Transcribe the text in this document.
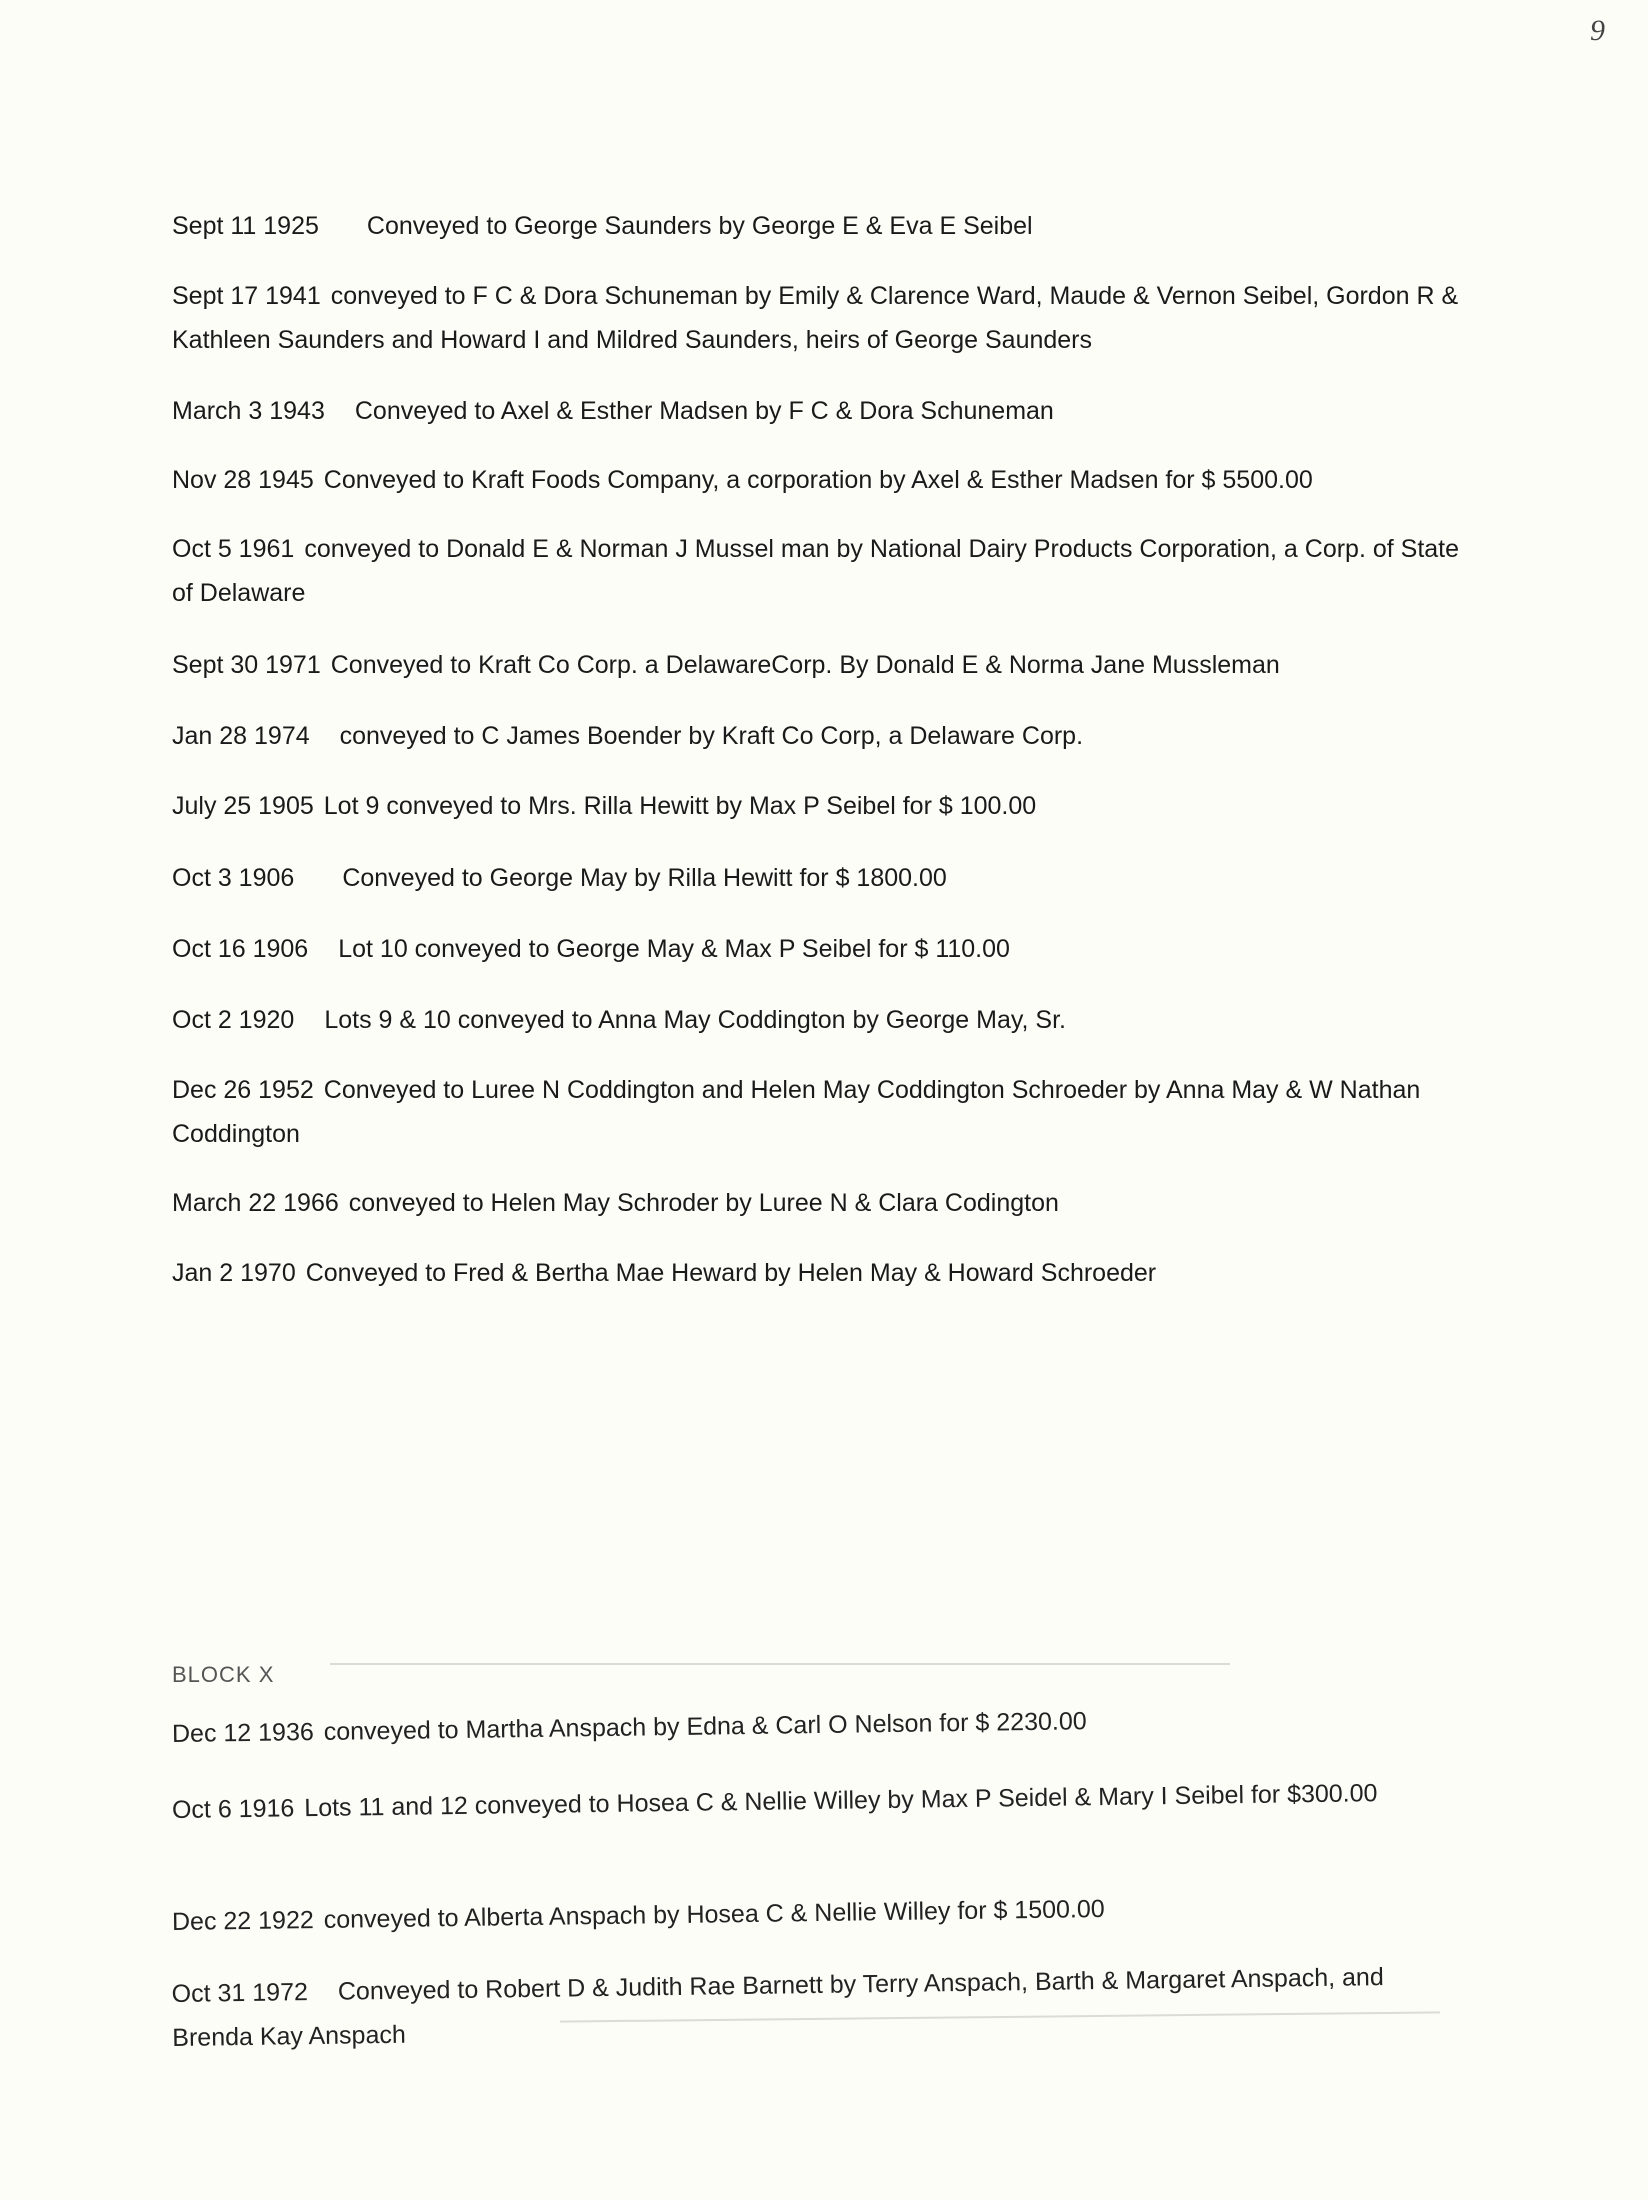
9
Sept 11 1925 Conveyed to George Saunders by George E & Eva E Seibel
Sept 17 1941 conveyed to F C & Dora Schuneman by Emily & Clarence Ward, Maude & Vernon Seibel, Gordon R & Kathleen Saunders and Howard I and Mildred Saunders, heirs of George Saunders
March 3 1943 Conveyed to Axel & Esther Madsen by F C & Dora Schuneman
Nov 28 1945 Conveyed to Kraft Foods Company, a corporation by Axel & Esther Madsen for $ 5500.00
Oct 5 1961 conveyed to Donald E & Norman J Mussel man by National Dairy Products Corporation, a Corp. of State of Delaware
Sept 30 1971 Conveyed to Kraft Co Corp. a DelawareCorp. By Donald E & Norma Jane Mussleman
Jan 28 1974 conveyed to C James Boender by Kraft Co Corp, a Delaware Corp.
July 25 1905 Lot 9 conveyed to Mrs. Rilla Hewitt by Max P Seibel for $ 100.00
Oct 3 1906 Conveyed to George May by Rilla Hewitt for $ 1800.00
Oct 16 1906 Lot 10 conveyed to George May & Max P Seibel for $ 110.00
Oct 2 1920 Lots 9 & 10 conveyed to Anna May Coddington by George May, Sr.
Dec 26 1952 Conveyed to Luree N Coddington and Helen May Coddington Schroeder by Anna May & W Nathan Coddington
March 22 1966 conveyed to Helen May Schroder by Luree N & Clara Codington
Jan 2 1970 Conveyed to Fred & Bertha Mae Heward by Helen May & Howard Schroeder
BLOCK X
Dec 12 1936 conveyed to Martha Anspach by Edna & Carl O Nelson for $ 2230.00
Oct 6 1916 Lots 11 and 12 conveyed to Hosea C & Nellie Willey by Max P Seidel & Mary I Seibel for $300.00
Dec 22 1922 conveyed to Alberta Anspach by Hosea C & Nellie Willey for $ 1500.00
Oct 31 1972 Conveyed to Robert D & Judith Rae Barnett by Terry Anspach, Barth & Margaret Anspach, and Brenda Kay Anspach
